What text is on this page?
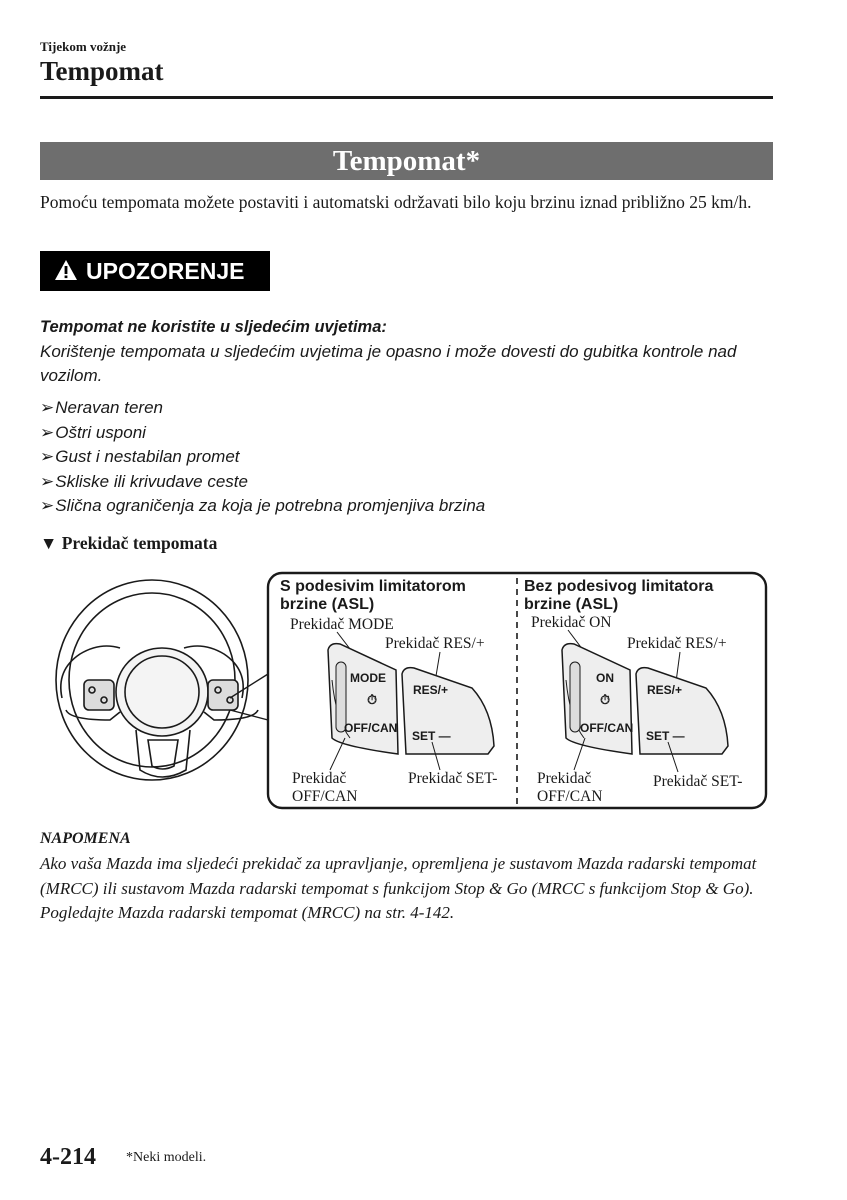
Tijekom vožnje
Tempomat
Tempomat*
Pomoću tempomata možete postaviti i automatski održavati bilo koju brzinu iznad približno 25 km/h.
UPOZORENJE
Tempomat ne koristite u sljedećim uvjetima:
Korištenje tempomata u sljedećim uvjetima je opasno i može dovesti do gubitka kontrole nad vozilom.
➢Neravan teren
➢Oštri usponi
➢Gust i nestabilan promet
➢Skliske ili krivudave ceste
➢Slična ograničenja za koja je potrebna promjenjiva brzina
▼ Prekidač tempomata
S podesivim limitatorom
brzine (ASL)
Prekidač MODE
Prekidač RES/+
MODE
⏱
OFF/CAN
RES/+
SET —
Prekidač
OFF/CAN
Prekidač SET-
Bez podesivog limitatora
brzine (ASL)
Prekidač ON
Prekidač RES/+
ON
⏱
OFF/CAN
RES/+
SET —
Prekidač
OFF/CAN
Prekidač SET-
NAPOMENA
Ako vaša Mazda ima sljedeći prekidač za upravljanje, opremljena je sustavom Mazda radarski tempomat (MRCC) ili sustavom Mazda radarski tempomat s funkcijom Stop & Go (MRCC s funkcijom Stop & Go).
Pogledajte Mazda radarski tempomat (MRCC) na str. 4-142.
4-214 *Neki modeli.
